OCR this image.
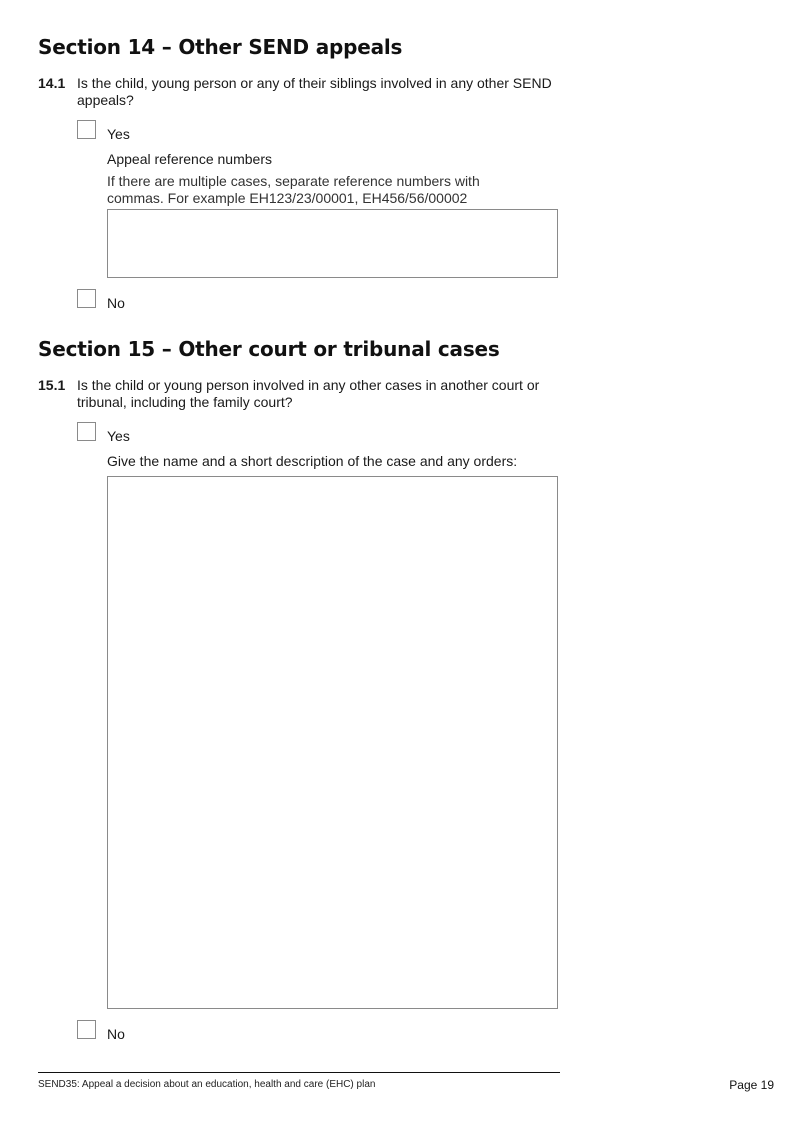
Section 14 – Other SEND appeals
14.1 Is the child, young person or any of their siblings involved in any other SEND appeals?
Yes
Appeal reference numbers
If there are multiple cases, separate reference numbers with commas. For example EH123/23/00001, EH456/56/00002
No
Section 15 – Other court or tribunal cases
15.1 Is the child or young person involved in any other cases in another court or tribunal, including the family court?
Yes
Give the name and a short description of the case and any orders:
No
SEND35: Appeal a decision about an education, health and care (EHC) plan	Page 19
